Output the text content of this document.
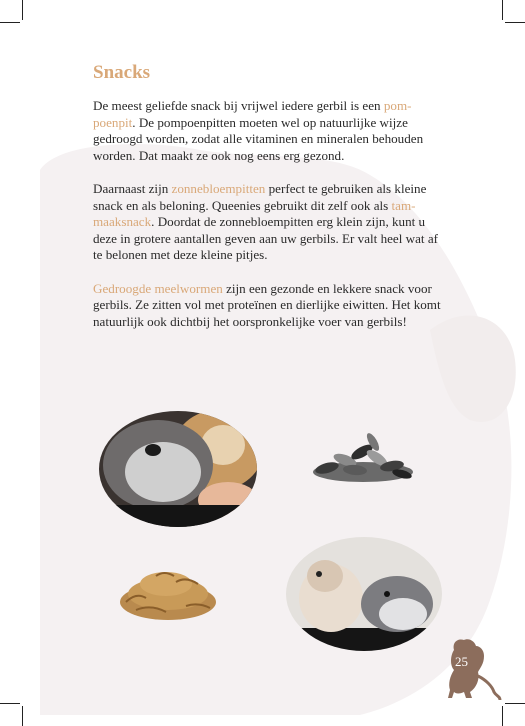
Snacks

De meest geliefde snack bij vrijwel iedere gerbil is een pom-poenpit. De pompoenpitten moeten wel op natuurlijke wijze gedroogd worden, zodat alle vitaminen en mineralen behouden worden. Dat maakt ze ook nog eens erg gezond.

Daarnaast zijn zonnebloempitten perfect te gebruiken als kleine snack en als beloning. Queenies gebruikt dit zelf ook als tam-maaksnack. Doordat de zonnebloempitten erg klein zijn, kunt u deze in grotere aantallen geven aan uw gerbils. Er valt heel wat af te belonen met deze kleine pitjes.

Gedroogde meelwormen zijn een gezonde en lekkere snack voor gerbils. Ze zitten vol met proteïnen en dierlijke eiwitten. Het komt natuurlijk ook dichtbij het oorspronkelijke voer van gerbils!

25
